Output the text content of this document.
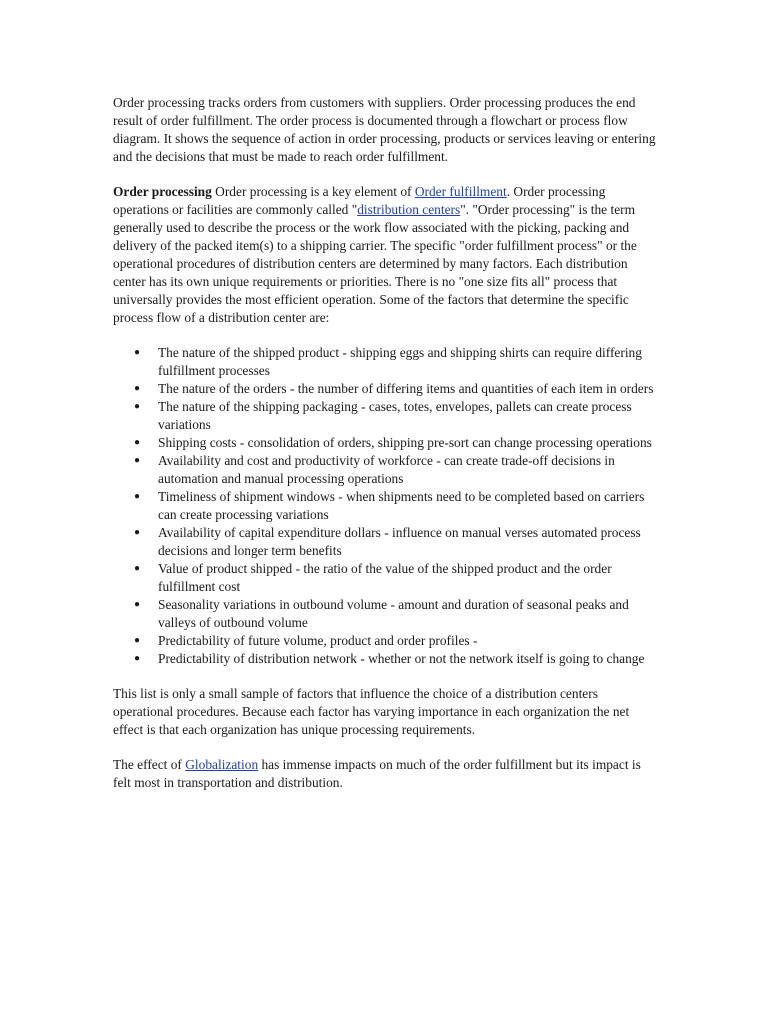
Order processing tracks orders from customers with suppliers. Order processing produces the end result of order fulfillment. The order process is documented through a flowchart or process flow diagram. It shows the sequence of action in order processing, products or services leaving or entering and the decisions that must be made to reach order fulfillment.

Order processing Order processing is a key element of Order fulfillment. Order processing operations or facilities are commonly called "distribution centers". "Order processing" is the term generally used to describe the process or the work flow associated with the picking, packing and delivery of the packed item(s) to a shipping carrier. The specific "order fulfillment process" or the operational procedures of distribution centers are determined by many factors. Each distribution center has its own unique requirements or priorities. There is no "one size fits all" process that universally provides the most efficient operation. Some of the factors that determine the specific process flow of a distribution center are:

● The nature of the shipped product - shipping eggs and shipping shirts can require differing fulfillment processes
● The nature of the orders - the number of differing items and quantities of each item in orders
● The nature of the shipping packaging - cases, totes, envelopes, pallets can create process variations
● Shipping costs - consolidation of orders, shipping pre-sort can change processing operations
● Availability and cost and productivity of workforce - can create trade-off decisions in automation and manual processing operations
● Timeliness of shipment windows - when shipments need to be completed based on carriers can create processing variations
● Availability of capital expenditure dollars - influence on manual verses automated process decisions and longer term benefits
● Value of product shipped - the ratio of the value of the shipped product and the order fulfillment cost
● Seasonality variations in outbound volume - amount and duration of seasonal peaks and valleys of outbound volume
● Predictability of future volume, product and order profiles -
● Predictability of distribution network - whether or not the network itself is going to change

This list is only a small sample of factors that influence the choice of a distribution centers operational procedures. Because each factor has varying importance in each organization the net effect is that each organization has unique processing requirements.

The effect of Globalization has immense impacts on much of the order fulfillment but its impact is felt most in transportation and distribution.
